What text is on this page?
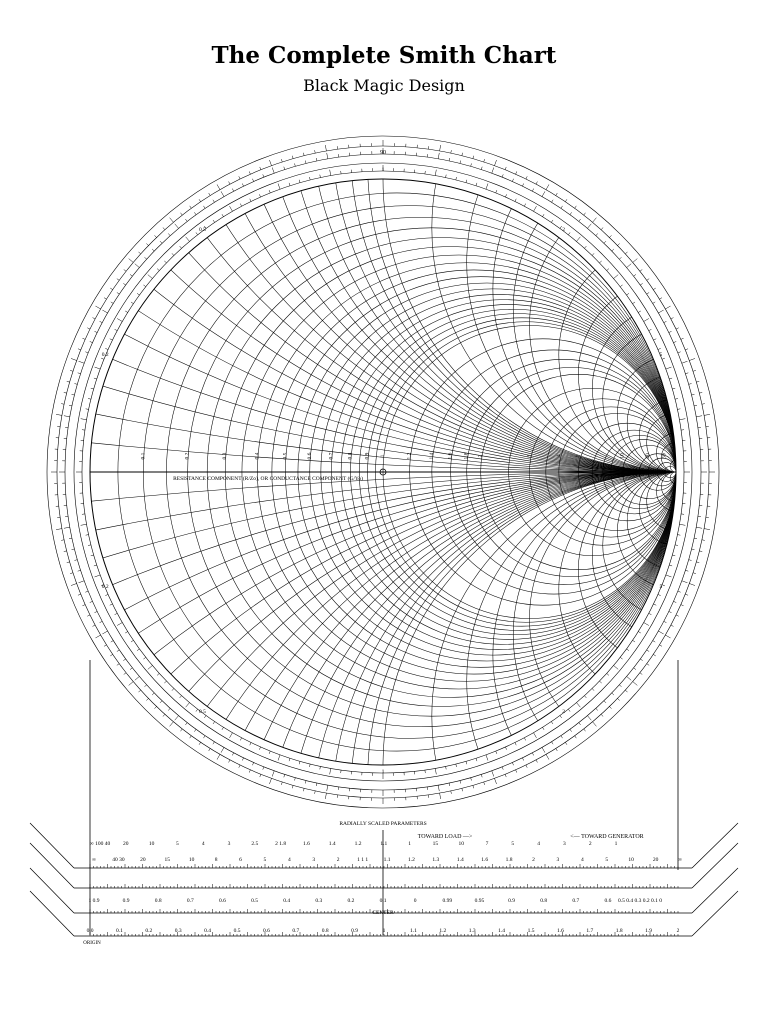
The Complete Smith Chart
Black Magic Design
0.1	0.2	0.3	0.4	0.5	0.6	0.7 0.8 0.9 1	1.2	1.4 1.6 1.8 2	3	4 5	10	20 50
0.2
0.2
0.5
0.5
1
1
2
2
5
5
RESISTANCE COMPONENT (R/Zo), OR CONDUCTANCE COMPONENT (G/Yo)
90
RADIALLY SCALED PARAMETERS
TOWARD LOAD —>	<— TOWARD GENERATOR
∞ 100 40 20	10	5	4	3	2.5	2 1.8	1.6	1.4	1.2	1.1	1	15	10	7	5	4	3	2	1
∞	40 30	20	15	10	8	6	5	4	3	2	1 1 1	1.1	1.2	1.3	1.4	1.6	1.8	2	3	4	5	10	20	∞
1 0.9	0.9	0.8	0.7	0.6	0.5	0.4	0.3	0.2	0.1	0	0.99	0.95	0.9	0.8	0.7	0.6 0.5 0.4 0.3 0.2 0.1 0
0.0	0.1	0.2	0.3	0.4	0.5	0.6	0.7	0.8	0.9	1	1.1	1.2	1.3	1.4	1.5	1.6	1.7	1.8	1.9	2
CENTER
ORIGIN
